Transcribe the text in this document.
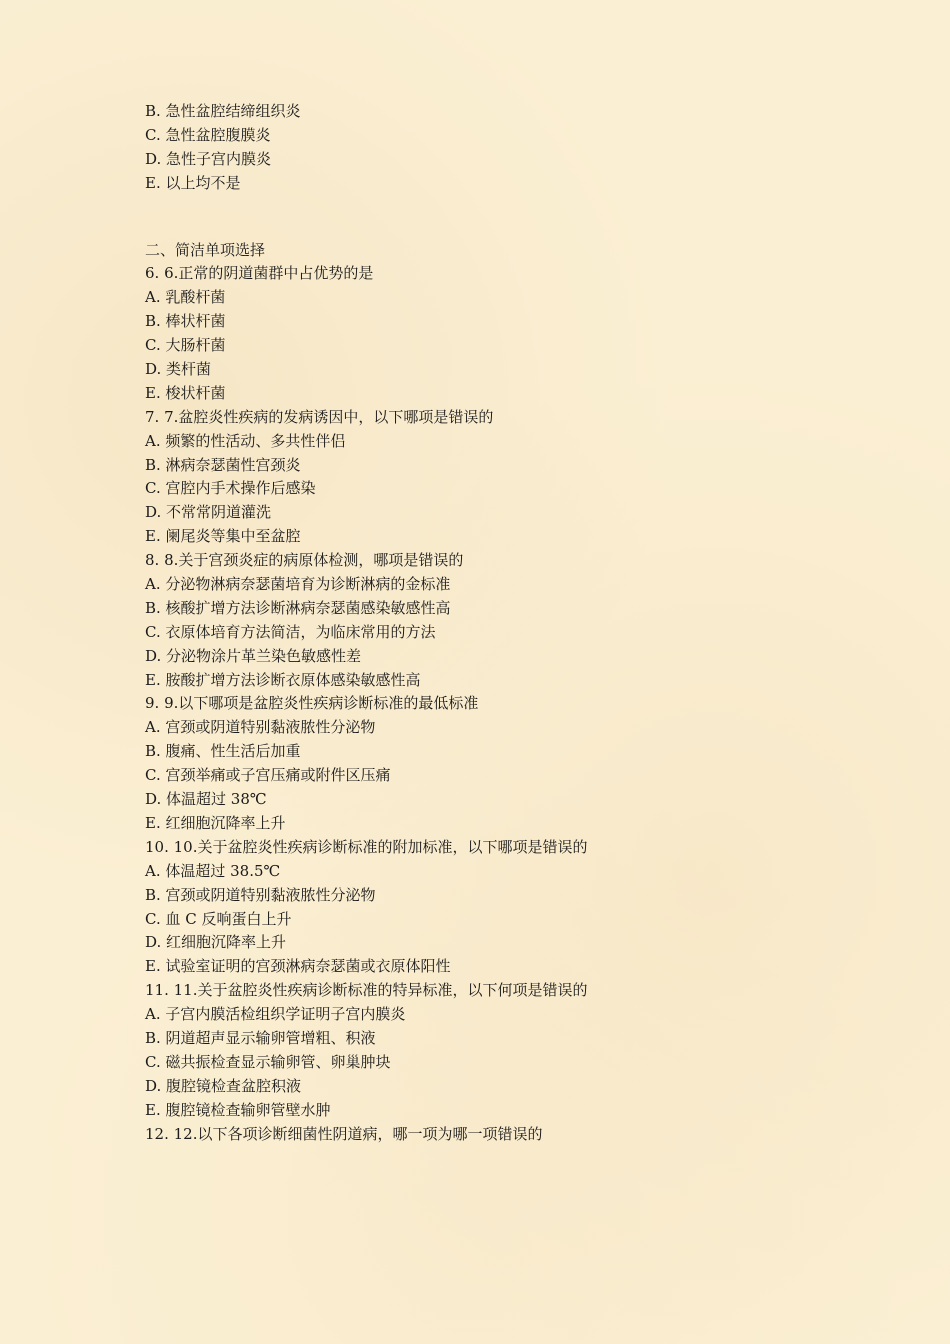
B. 急性盆腔结缔组织炎
C. 急性盆腔腹膜炎
D. 急性子宫内膜炎
E. 以上均不是
二、简洁单项选择
6. 6.正常的阴道菌群中占优势的是
A. 乳酸杆菌
B. 棒状杆菌
C. 大肠杆菌
D. 类杆菌
E. 梭状杆菌
7. 7.盆腔炎性疾病的发病诱因中，以下哪项是错误的
A. 频繁的性活动、多共性伴侣
B. 淋病奈瑟菌性宫颈炎
C. 宫腔内手术操作后感染
D. 不常常阴道灌洗
E. 阑尾炎等集中至盆腔
8. 8.关于宫颈炎症的病原体检测，哪项是错误的
A. 分泌物淋病奈瑟菌培育为诊断淋病的金标准
B. 核酸扩增方法诊断淋病奈瑟菌感染敏感性高
C. 衣原体培育方法简洁，为临床常用的方法
D. 分泌物涂片革兰染色敏感性差
E. 胺酸扩增方法诊断衣原体感染敏感性高
9. 9.以下哪项是盆腔炎性疾病诊断标准的最低标准
A. 宫颈或阴道特别黏液脓性分泌物
B. 腹痛、性生活后加重
C. 宫颈举痛或子宫压痛或附件区压痛
D. 体温超过 38℃
E. 红细胞沉降率上升
10. 10.关于盆腔炎性疾病诊断标准的附加标准，以下哪项是错误的
A. 体温超过 38.5℃
B. 宫颈或阴道特别黏液脓性分泌物
C. 血 C 反响蛋白上升
D. 红细胞沉降率上升
E. 试验室证明的宫颈淋病奈瑟菌或衣原体阳性
11. 11.关于盆腔炎性疾病诊断标准的特异标准，以下何项是错误的
A. 子宫内膜活检组织学证明子宫内膜炎
B. 阴道超声显示输卵管增粗、积液
C. 磁共振检查显示输卵管、卵巢肿块
D. 腹腔镜检查盆腔积液
E. 腹腔镜检查输卵管壁水肿
12. 12.以下各项诊断细菌性阴道病，哪一项为哪一项错误的
